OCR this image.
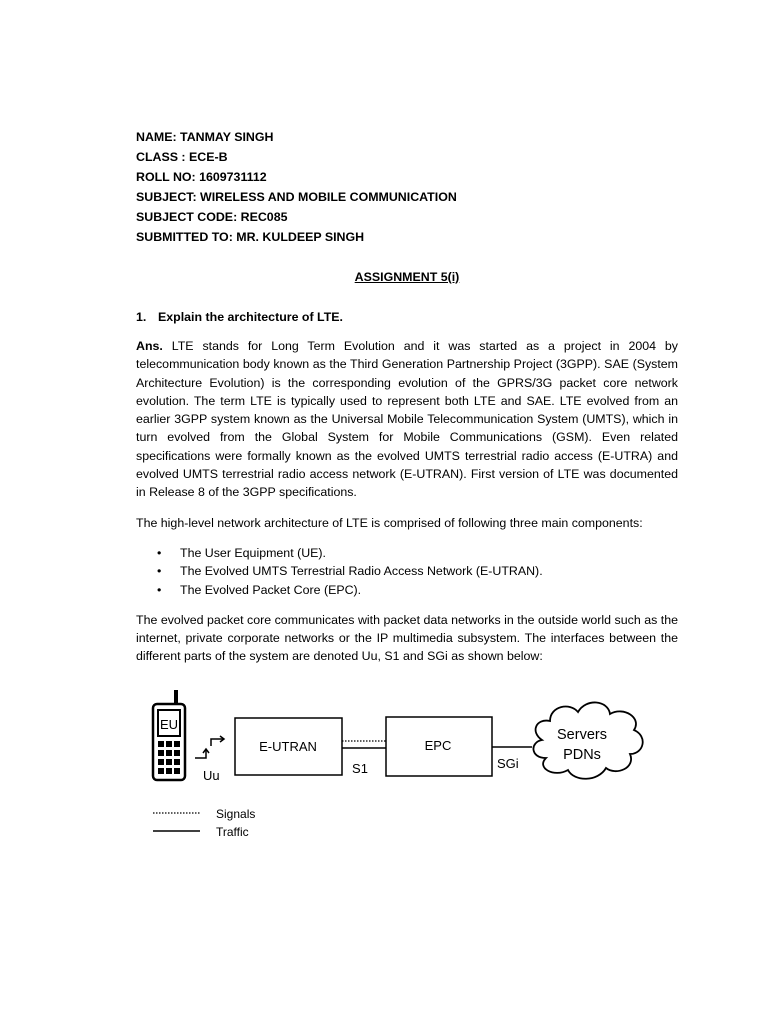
NAME: TANMAY SINGH
CLASS : ECE-B
ROLL NO: 1609731112
SUBJECT: WIRELESS AND MOBILE COMMUNICATION
SUBJECT CODE: REC085
SUBMITTED TO: MR. KULDEEP SINGH
ASSIGNMENT 5(i)
1. Explain the architecture of LTE.

Ans. LTE stands for Long Term Evolution and it was started as a project in 2004 by telecommunication body known as the Third Generation Partnership Project (3GPP). SAE (System Architecture Evolution) is the corresponding evolution of the GPRS/3G packet core network evolution. The term LTE is typically used to represent both LTE and SAE. LTE evolved from an earlier 3GPP system known as the Universal Mobile Telecommunication System (UMTS), which in turn evolved from the Global System for Mobile Communications (GSM). Even related specifications were formally known as the evolved UMTS terrestrial radio access (E-UTRA) and evolved UMTS terrestrial radio access network (E-UTRAN). First version of LTE was documented in Release 8 of the 3GPP specifications.

The high-level network architecture of LTE is comprised of following three main components:

• The User Equipment (UE).
• The Evolved UMTS Terrestrial Radio Access Network (E-UTRAN).
• The Evolved Packet Core (EPC).

The evolved packet core communicates with packet data networks in the outside world such as the internet, private corporate networks or the IP multimedia subsystem. The interfaces between the different parts of the system are denoted Uu, S1 and SGi as shown below:

EU
Uu
E-UTRAN
S1
EPC
SGi
Servers
PDNs
Signals
Traffic
